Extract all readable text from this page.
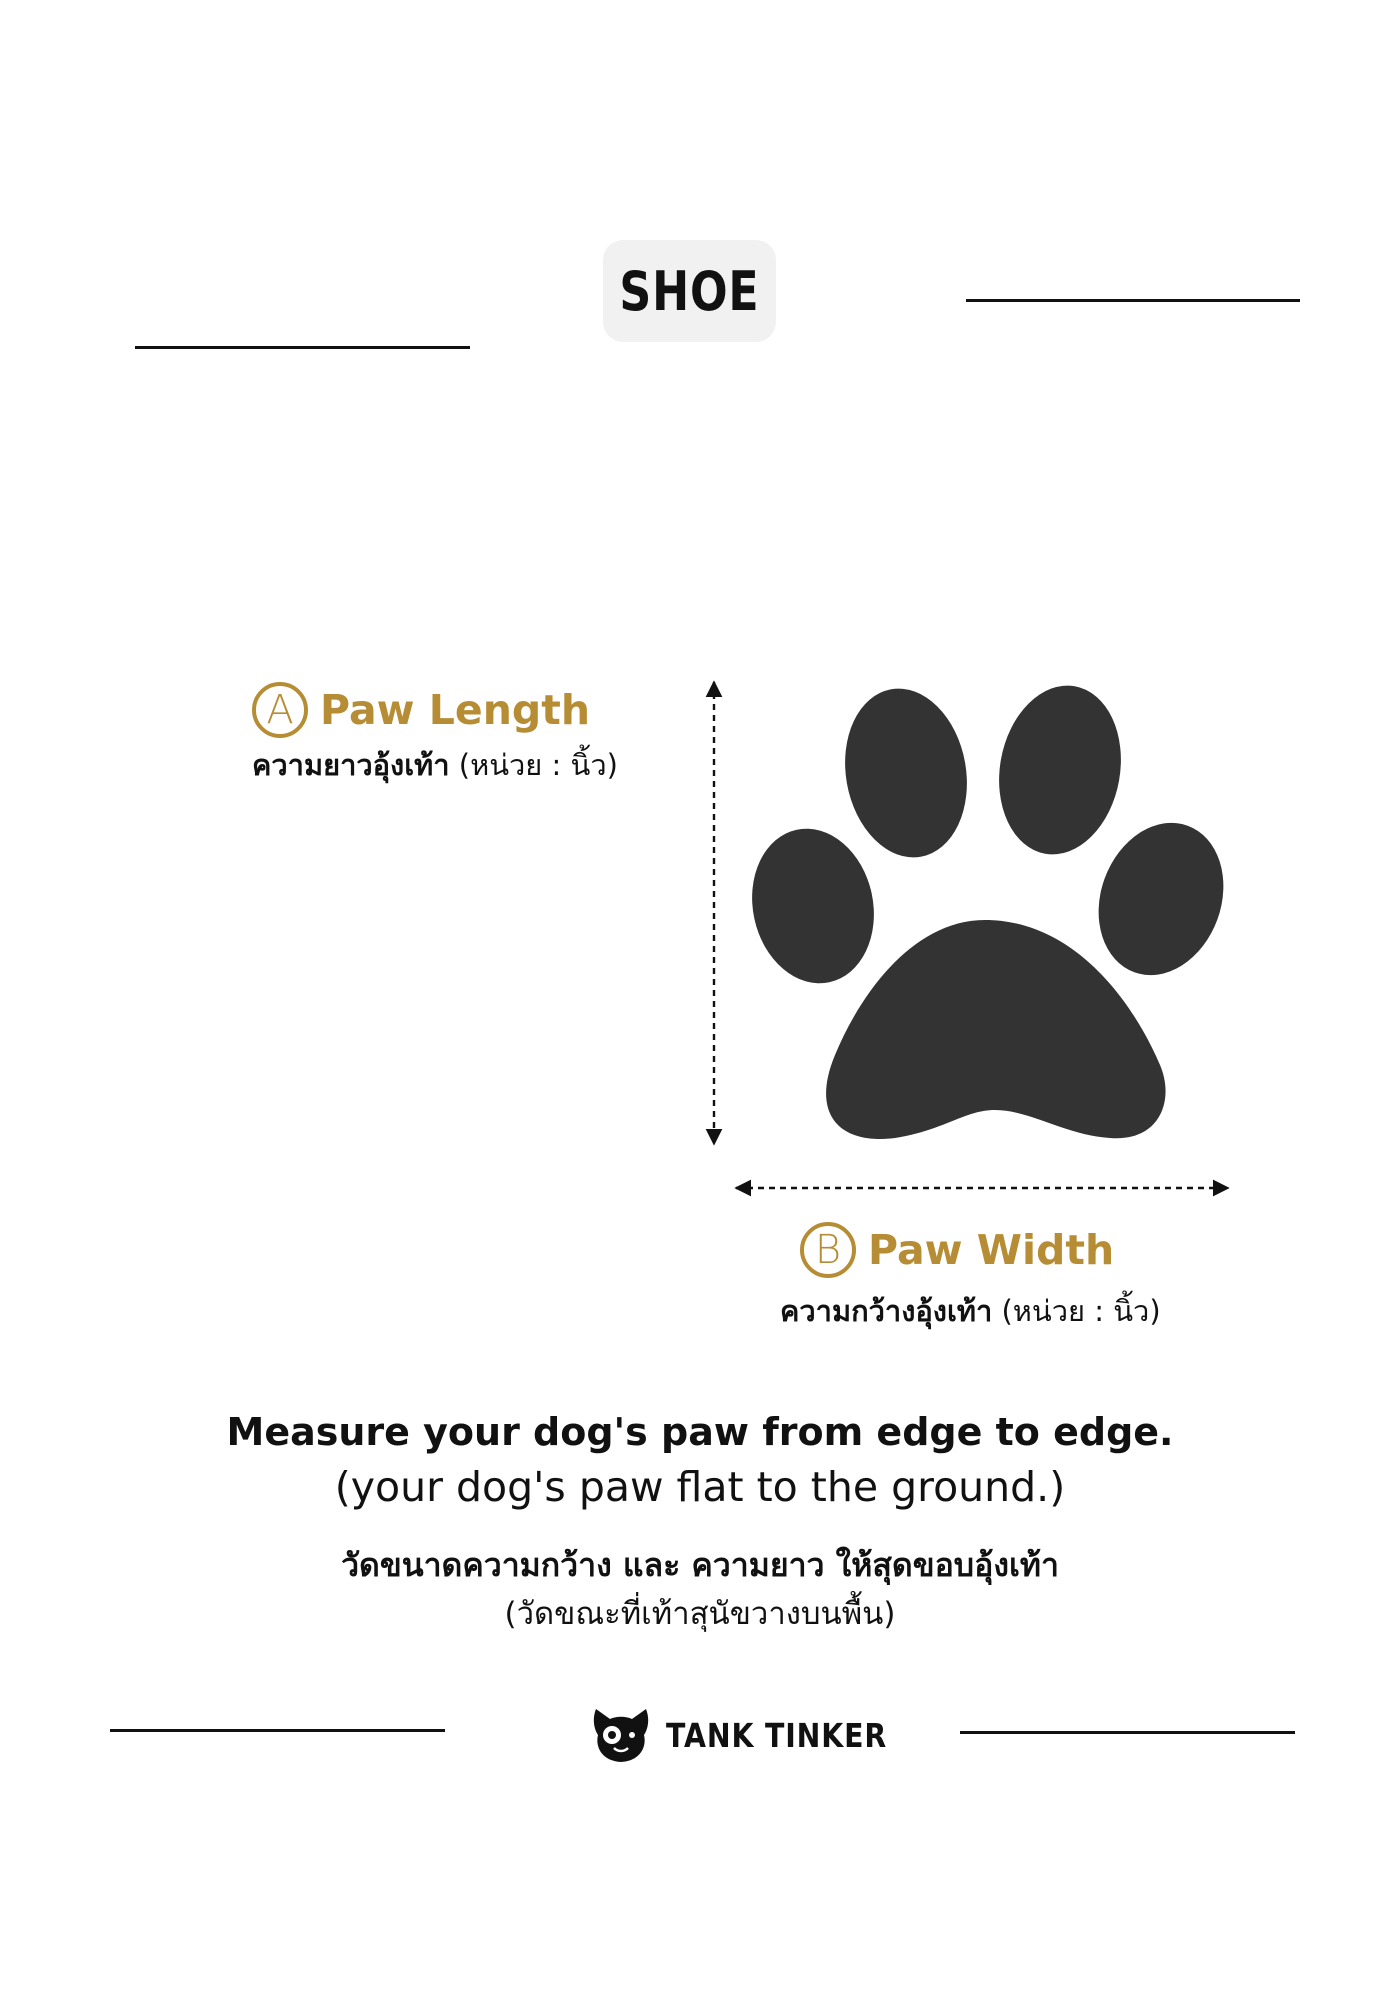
SHOE
A Paw Length
ความยาวอุ้งเท้า (หน่วย : นิ้ว)
B Paw Width
ความกว้างอุ้งเท้า (หน่วย : นิ้ว)
Measure your dog's paw from edge to edge.
(your dog's paw flat to the ground.)
วัดขนาดความกว้าง และ ความยาว ให้สุดขอบอุ้งเท้า
(วัดขณะที่เท้าสุนัขวางบนพื้น)
TANK TINKER
